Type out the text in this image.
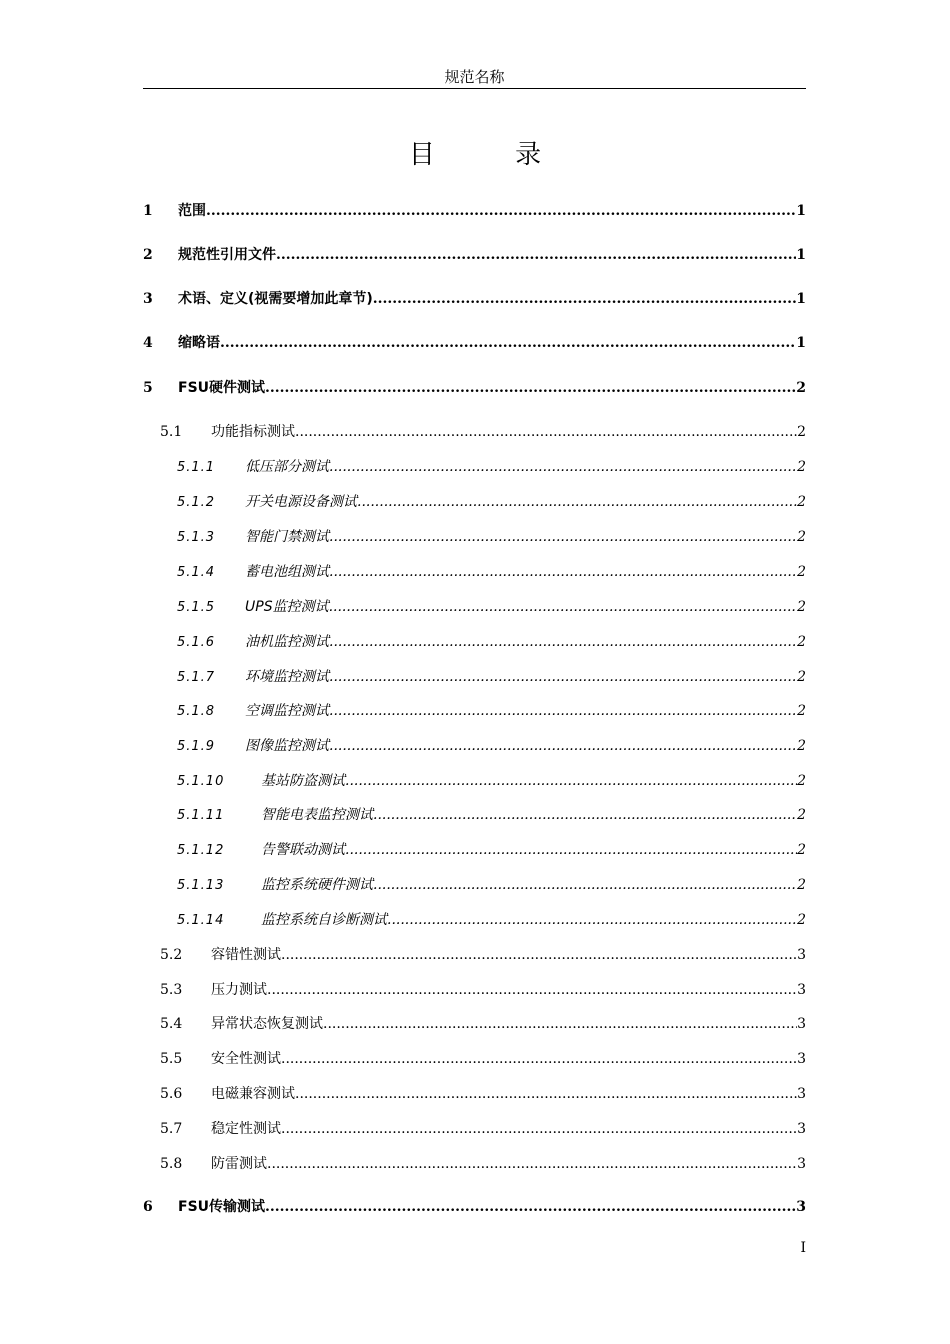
规范名称
目 录
1	范围 .....	1
2	规范性引用文件 .....	1
3	术语、定义(视需要增加此章节) .....	1
4	缩略语 .....	1
5	FSU硬件测试 .....	2
5.1	功能指标测试 .....	2
5.1.1	低压部分测试 .....	2
5.1.2	开关电源设备测试 .....	2
5.1.3	智能门禁测试 .....	2
5.1.4	蓄电池组测试 .....	2
5.1.5	UPS监控测试 .....	2
5.1.6	油机监控测试 .....	2
5.1.7	环境监控测试 .....	2
5.1.8	空调监控测试 .....	2
5.1.9	图像监控测试 .....	2
5.1.10	基站防盗测试 .....	2
5.1.11	智能电表监控测试 .....	2
5.1.12	告警联动测试 .....	2
5.1.13	监控系统硬件测试 .....	2
5.1.14	监控系统自诊断测试 .....	2
5.2	容错性测试 .....	3
5.3	压力测试 .....	3
5.4	异常状态恢复测试 .....	3
5.5	安全性测试 .....	3
5.6	电磁兼容测试 .....	3
5.7	稳定性测试 .....	3
5.8	防雷测试 .....	3
6	FSU传输测试 .....	3
I
